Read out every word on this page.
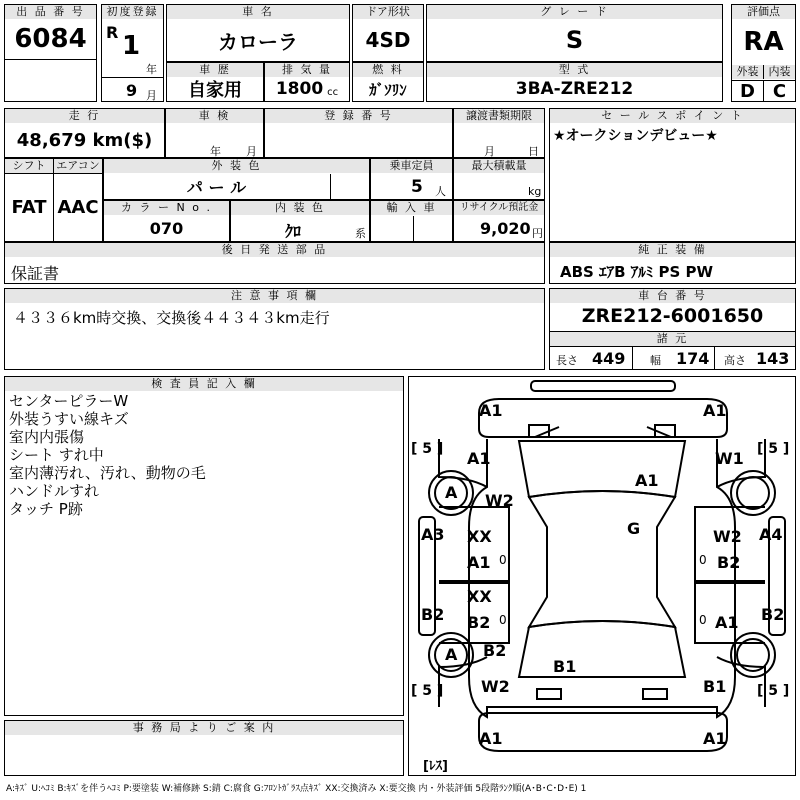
出 品 番 号
6084
初度登録
R 1
年
9 月
車 名
カローラ
ドア形状
4SD
グ レ ー ド
S
評価点
RA
外装 内装
D C
車 歴
自家用
排 気 量
1800 cc
燃 料
ｶﾞｿﾘﾝ
型 式
3BA-ZRE212
走 行
48,679 km($)
車 検
年 月
登 録 番 号	譲渡書類期限
月	日
シフト エアコン
FAT AAC
外 装 色
パ ー ル
乗車定員
5 人
最大積載量
kg
カ ラ ー N o .
070
内 装 色
ｸﾛ	系
輸 入 車	リサイクル預託金
9,020 円
後 日 発 送 部 品
保証書
セ ー ル ス ポ イ ン ト
★オークションデビュー★
純 正 装 備
ABS ｴｱB ｱﾙﾐ PS PW
注 意 事 項 欄
４３３６km時交換、交換後４４３４３km走行
車 台 番 号
ZRE212-6001650
諸 元
長さ 449 幅 174 高さ 143
検 査 員 記 入 欄
センターピラーW
外装うすい線キズ
室内内張傷
シート すれ中
室内薄汚れ、汚れ、動物の毛
ハンドルすれ
タッチ P跡
事 務 局 よ り ご 案 内
A1	A1
[ 5 ]	[ 5 ]
A1	W1
A W2
A1
G
A3	A4
XX
A1 0
W2
B2
0
XX
B2 0	A1
0
B2	B2
A B2
B1
[ 5 ] W2	B1 [ 5 ]
A1	A1
[ﾚｽ]
A:ｷｽﾞ U:ﾍｺﾐ B:ｷｽﾞを伴うﾍｺﾐ P:要塗装 W:補修跡 S:錆 C:腐食 G:ﾌﾛﾝﾄｶﾞﾗｽ点ｷｽﾞ XX:交換済み X:要交換 内・外装評価 5段階ﾗﾝｸ順(A･B･C･D･E) 1
